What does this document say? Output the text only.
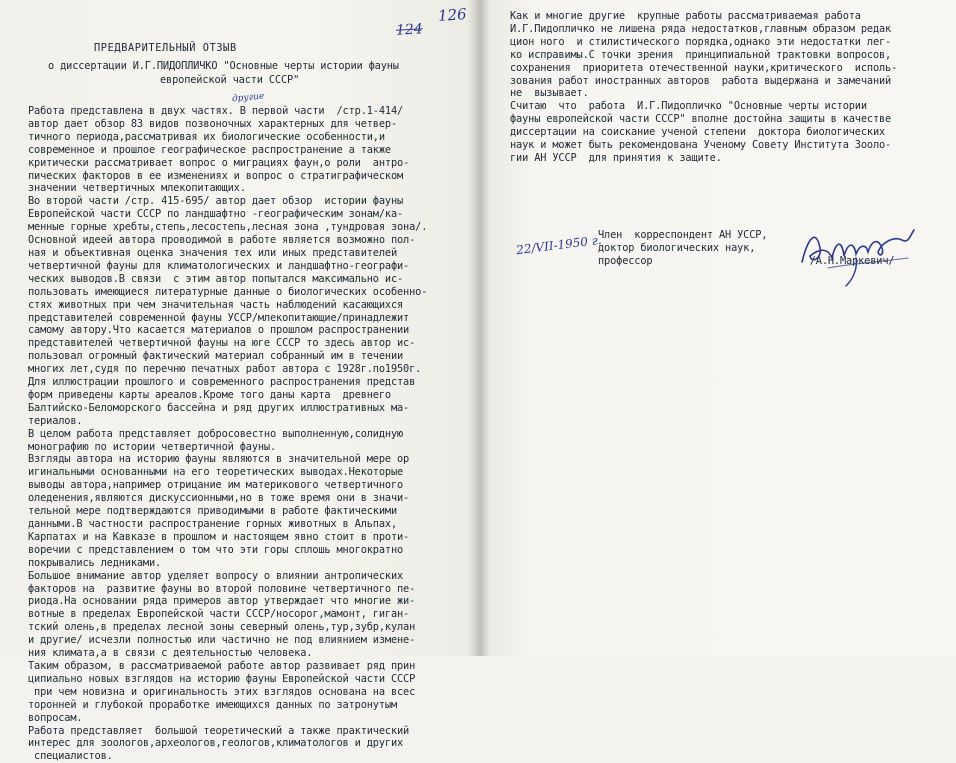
124
126

ПРЕДВАРИТЕЛЬНЫЙ ОТЗЫВ

о диссертации И.Г.ПИДОПЛИЧКО "Основные черты истории фауны

европейской части СССР"

другие

Работа представлена в двух частях. В первой части  /стр.1-414/
автор дает обзор 83 видов позвоночных характерных для четвер-
тичного периода,рассматривая их биологические особенности,и
современное и прошлое географическое распространение а также
критически рассматривает вопрос о миграциях фаун,о роли  антро-
пических факторов в ее изменениях и вопрос о стратиграфическом
значении четвертичных млекопитающих.
Во второй части /стр. 415-695/ автор дает обзор  истории фауны
Европейской части СССР по ландшафтно -географическим зонам/ка-
менные горные хребты,степь,лесостепь,лесная зона ,тундровая зона/.
Основной идеей автора проводимой в работе является возможно пол-
ная и объективная оценка значения тех или иных представителей
четвертичной фауны для климатологических и ландшафтно-географи-
ческих выводов.В связи  с этим автор попытался максимально ис-
пользовать имеющиеся литературные данные о биологических особенно-
стях животных при чем значительная часть наблюдений касающихся
представителей современной фауны УССР/млекопитающие/принадлежит
самому автору.Что касается материалов о прошлом распространении
представителей четвертичной фауны на юге СССР то здесь автор ис-
пользовал огромный фактический материал собранный им в течении
многих лет,судя по перечню печатных работ автора с 1928г.по1950г.
Для иллюстрации прошлого и современного распространения представ
форм приведены карты ареалов.Кроме того даны карта  древнего
Балтийско-Беломорского бассейна и ряд других иллюстративных ма-
териалов.
В целом работа представляет добросовестно выполненную,солидную
монографию по истории четвертичной фауны.
Взгляды автора на историю фауны являются в значительной мере ор
игинальными основанными на его теоретических выводах.Некоторые
выводы автора,например отрицание им материкового четвертичного
оледенения,являются дискуссионными,но в тоже время они в значи-
тельной мере подтверждаются приводимыми в работе фактическими
данными.В частности распространение горных животных в Альпах,
Карпатах и на Кавказе в прошлом и настоящем явно стоит в проти-
воречии с представлением о том что эти горы сплошь многократно
покрывались ледниками.
Большое внимание автор уделяет вопросу о влиянии антропических
факторов на  развитие фауны во второй половине четвертичного пе-
риода.На основании ряда примеров автор утверждает что многие жи-
вотные в пределах Европейской части СССР/носорог,мамонт, гиган-
тский олень,в пределах лесной зоны северный олень,тур,зубр,кулан
и другие/ исчезли полностью или частично не под влиянием измене-
ния климата,а в связи с деятельностью человека.
Таким образом, в рассматриваемой работе автор развивает ряд прин
ципиально новых взглядов на историю фауны Европейской части СССР
при чем новизна и оригинальность этих взглядов основана на всес
торонней и глубокой проработке имеющихся данных по затронутым
вопросам.
Работа представляет  большой теоретический а также практический
интерес для зоологов,археологов,геологов,климатологов и других
специалистов.

Как и многие другие  крупные работы рассматриваемая работа
И.Г.Пидопличко не лишена ряда недостатков,главным образом редак
цион ного  и стилистического порядка,однако эти недостатки лег-
ко исправимы.С точки зрения  принципиальной трактовки вопросов,
сохранения  приоритета отечественной науки,критического  исполь-
зования работ иностранных авторов  работа выдержана и замечаний
не  вызывает.
Считаю  что  работа  И.Г.Пидопличко "Основные черты истории
фауны европейской части СССР" вполне достойна защиты в качестве
диссертации на соискание ученой степени  доктора биологических
наук и может быть рекомендована Ученому Совету Института Зооло-
гии АН УССР  для принятия к защите.

22/VII-1950 г.

Член  корреспондент АН УССР,
доктор биологических наук,
профессор                          /А.Н.Маркевич/
